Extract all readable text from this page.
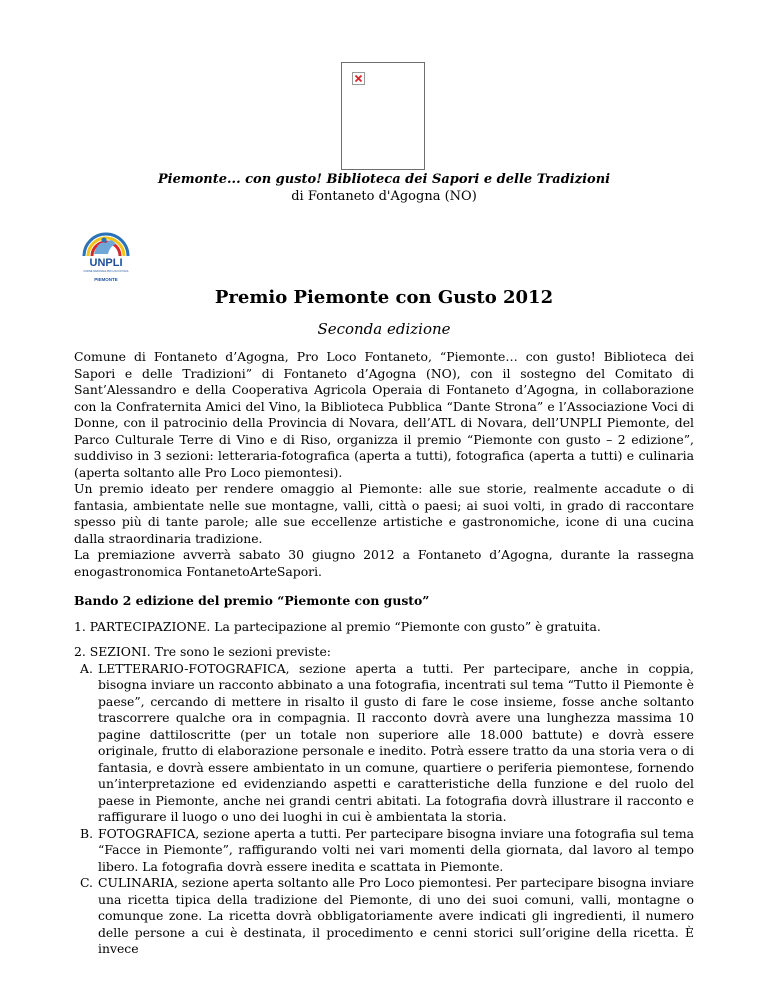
Piemonte... con gusto! Biblioteca dei Sapori e delle Tradizioni
di Fontaneto d'Agogna (NO)
UNPLI
UNIONE NAZIONALE PRO LOCO D'ITALIA
PIEMONTE
Premio Piemonte con Gusto 2012
Seconda edizione

Comune di Fontaneto d’Agogna, Pro Loco Fontaneto, “Piemonte… con gusto! Biblioteca dei Sapori e delle Tradizioni” di Fontaneto d’Agogna (NO), con il sostegno del Comitato di Sant’Alessandro e della Cooperativa Agricola Operaia di Fontaneto d’Agogna, in collaborazione con la Confraternita Amici del Vino, la Biblioteca Pubblica “Dante Strona” e l’Associazione Voci di Donne, con il patrocinio della Provincia di Novara, dell’ATL di Novara, dell’UNPLI Piemonte, del Parco Culturale Terre di Vino e di Riso, organizza il premio “Piemonte con gusto – 2 edizione”, suddiviso in 3 sezioni: letteraria-fotografica (aperta a tutti), fotografica (aperta a tutti) e culinaria (aperta soltanto alle Pro Loco piemontesi).

Un premio ideato per rendere omaggio al Piemonte: alle sue storie, realmente accadute o di fantasia, ambientate nelle sue montagne, valli, città o paesi; ai suoi volti, in grado di raccontare spesso più di tante parole; alle sue eccellenze artistiche e gastronomiche, icone di una cucina dalla straordinaria tradizione.

La premiazione avverrà sabato 30 giugno 2012 a Fontaneto d’Agogna, durante la rassegna enogastronomica FontanetoArteSapori.

Bando 2 edizione del premio “Piemonte con gusto”

1. PARTECIPAZIONE. La partecipazione al premio “Piemonte con gusto” è gratuita.

2. SEZIONI. Tre sono le sezioni previste:

A. LETTERARIO-FOTOGRAFICA, sezione aperta a tutti. Per partecipare, anche in coppia, bisogna inviare un racconto abbinato a una fotografia, incentrati sul tema “Tutto il Piemonte è paese”, cercando di mettere in risalto il gusto di fare le cose insieme, fosse anche soltanto trascorrere qualche ora in compagnia. Il racconto dovrà avere una lunghezza massima 10 pagine dattiloscritte (per un totale non superiore alle 18.000 battute) e dovrà essere originale, frutto di elaborazione personale e inedito. Potrà essere tratto da una storia vera o di fantasia, e dovrà essere ambientato in un comune, quartiere o periferia piemontese, fornendo un’interpretazione ed evidenziando aspetti e caratteristiche della funzione e del ruolo del paese in Piemonte, anche nei grandi centri abitati. La fotografia dovrà illustrare il racconto e raffigurare il luogo o uno dei luoghi in cui è ambientata la storia.
B. FOTOGRAFICA, sezione aperta a tutti. Per partecipare bisogna inviare una fotografia sul tema “Facce in Piemonte”, raffigurando volti nei vari momenti della giornata, dal lavoro al tempo libero. La fotografia dovrà essere inedita e scattata in Piemonte.
C. CULINARIA, sezione aperta soltanto alle Pro Loco piemontesi. Per partecipare bisogna inviare una ricetta tipica della tradizione del Piemonte, di uno dei suoi comuni, valli, montagne o comunque zone. La ricetta dovrà obbligatoriamente avere indicati gli ingredienti, il numero delle persone a cui è destinata, il procedimento e cenni storici sull’origine della ricetta. È invece
